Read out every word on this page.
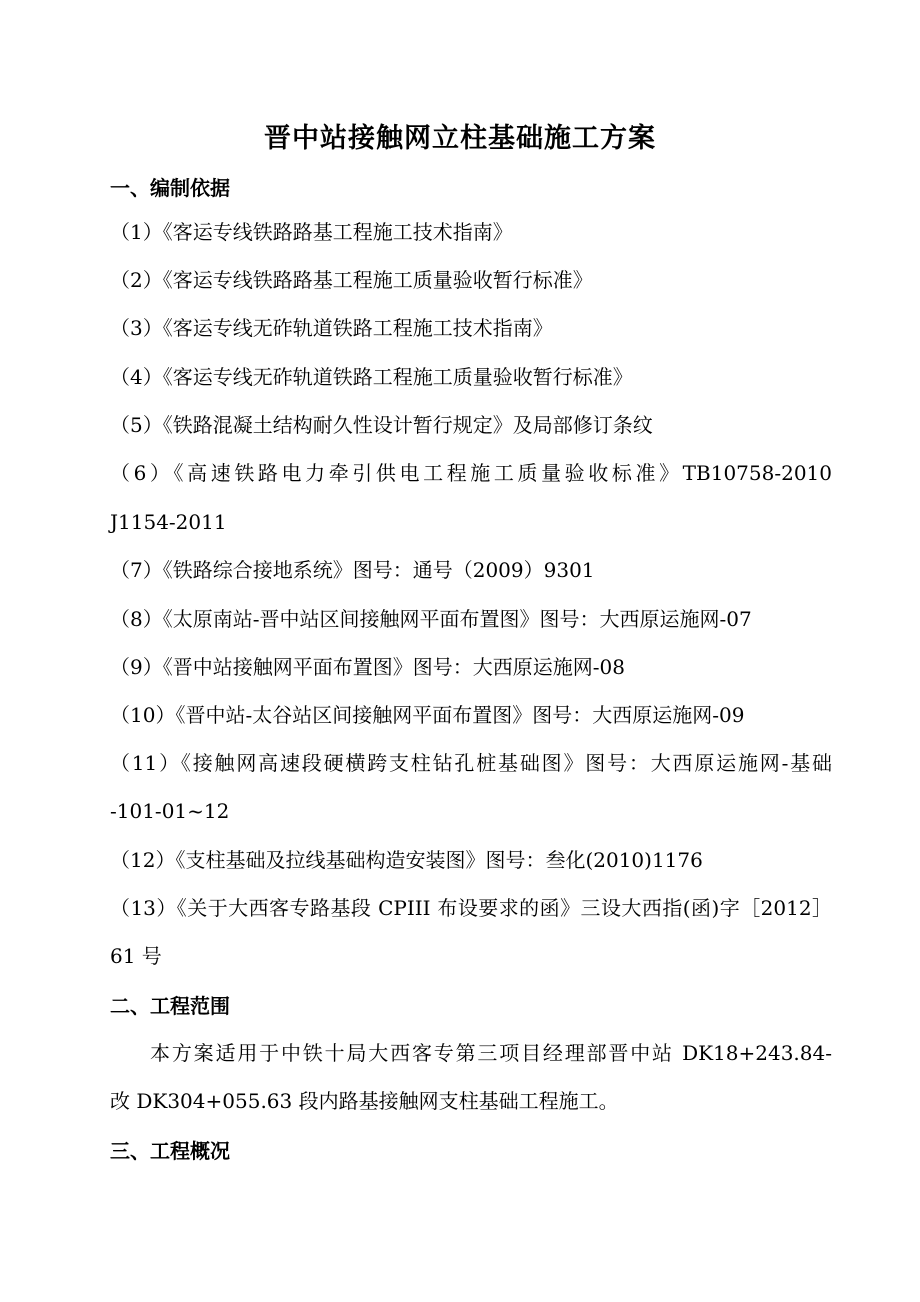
晋中站接触网立柱基础施工方案
一、编制依据

（1）《客运专线铁路路基工程施工技术指南》

（2）《客运专线铁路路基工程施工质量验收暂行标准》

（3）《客运专线无砟轨道铁路工程施工技术指南》

（4）《客运专线无砟轨道铁路工程施工质量验收暂行标准》

（5）《铁路混凝土结构耐久性设计暂行规定》及局部修订条纹

（6）《高速铁路电力牵引供电工程施工质量验收标准》TB10758-2010

J1154-2011

（7）《铁路综合接地系统》图号：通号（2009）9301

（8）《太原南站-晋中站区间接触网平面布置图》图号：大西原运施网-07

（9）《晋中站接触网平面布置图》图号：大西原运施网-08

（10）《晋中站-太谷站区间接触网平面布置图》图号：大西原运施网-09

（11）《接触网高速段硬横跨支柱钻孔桩基础图》图号：大西原运施网-基础

-101-01~12

（12）《支柱基础及拉线基础构造安装图》图号：叁化(2010)1176

（13）《关于大西客专路基段 CPIII 布设要求的函》三设大西指(函)字［2012］

61 号

二、工程范围

本方案适用于中铁十局大西客专第三项目经理部晋中站 DK18+243.84-

改 DK304+055.63 段内路基接触网支柱基础工程施工。

三、工程概况
